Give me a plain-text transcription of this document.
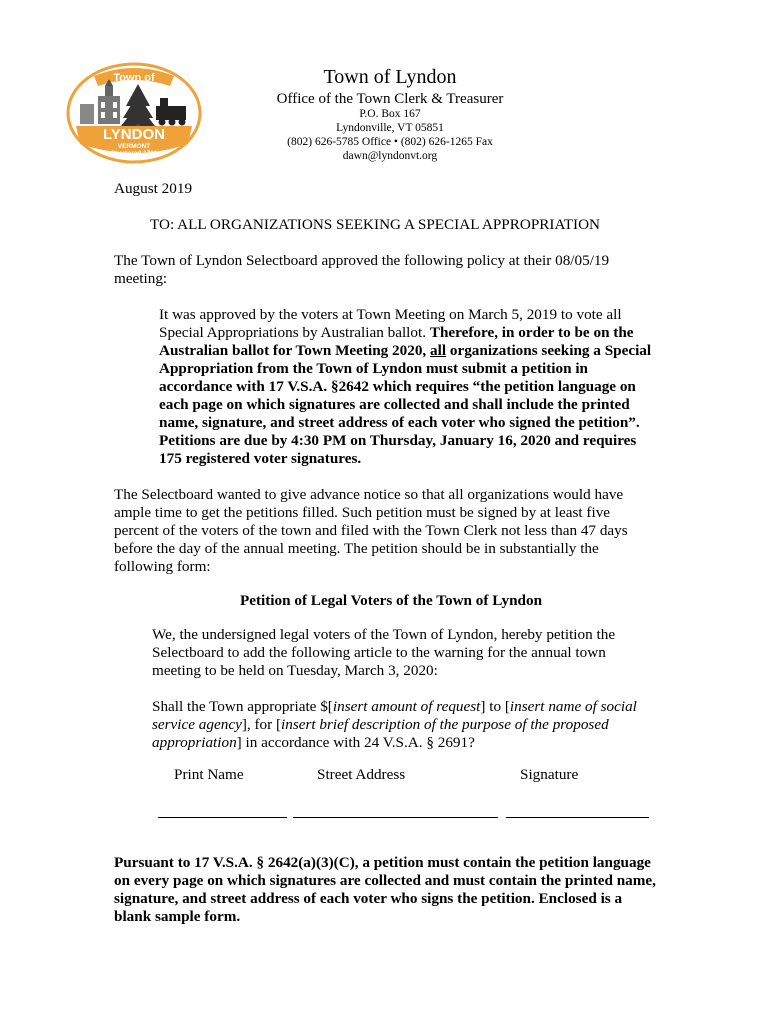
Town of
LYNDON
VERMONT
Chartered 1781
Town of Lyndon
Office of the Town Clerk & Treasurer
P.O. Box 167
Lyndonville, VT 05851
(802) 626-5785 Office • (802) 626-1265 Fax
dawn@lyndonvt.org
August 2019
TO: ALL ORGANIZATIONS SEEKING A SPECIAL APPROPRIATION
The Town of Lyndon Selectboard approved the following policy at their 08/05/19
meeting:
It was approved by the voters at Town Meeting on March 5, 2019 to vote all
Special Appropriations by Australian ballot. Therefore, in order to be on the
Australian ballot for Town Meeting 2020, all organizations seeking a Special
Appropriation from the Town of Lyndon must submit a petition in
accordance with 17 V.S.A. §2642 which requires “the petition language on
each page on which signatures are collected and shall include the printed
name, signature, and street address of each voter who signed the petition”.
Petitions are due by 4:30 PM on Thursday, January 16, 2020 and requires
175 registered voter signatures.
The Selectboard wanted to give advance notice so that all organizations would have
ample time to get the petitions filled. Such petition must be signed by at least five
percent of the voters of the town and filed with the Town Clerk not less than 47 days
before the day of the annual meeting. The petition should be in substantially the
following form:
Petition of Legal Voters of the Town of Lyndon
We, the undersigned legal voters of the Town of Lyndon, hereby petition the
Selectboard to add the following article to the warning for the annual town
meeting to be held on Tuesday, March 3, 2020:
Shall the Town appropriate $[insert amount of request] to [insert name of social
service agency], for [insert brief description of the purpose of the proposed
appropriation] in accordance with 24 V.S.A. § 2691?
Print Name	Street Address	Signature
Pursuant to 17 V.S.A. § 2642(a)(3)(C), a petition must contain the petition language
on every page on which signatures are collected and must contain the printed name,
signature, and street address of each voter who signs the petition. Enclosed is a
blank sample form.
